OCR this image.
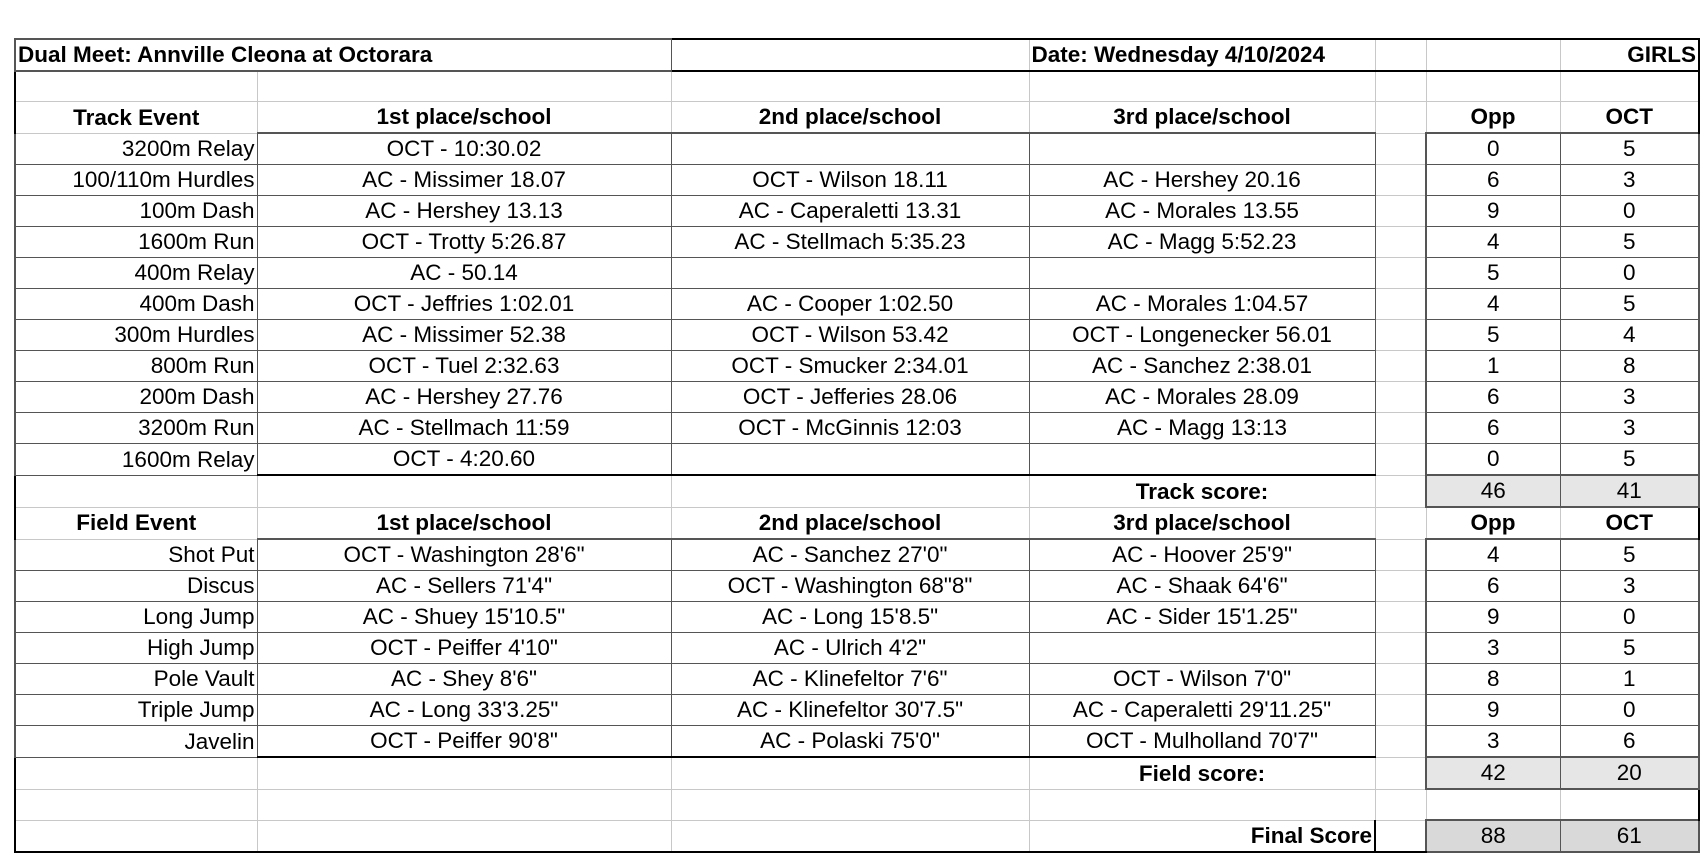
Dual Meet: Annville Cleona at Octorara			Date: Wednesday 4/10/2024			GIRLS

Track Event	1st place/school	2nd place/school	3rd place/school		Opp	OCT
3200m Relay	OCT - 10:30.02				0	5
100/110m Hurdles	AC - Missimer 18.07	OCT - Wilson 18.11	AC - Hershey 20.16		6	3
100m Dash	AC - Hershey 13.13	AC - Caperaletti 13.31	AC - Morales 13.55		9	0
1600m Run	OCT - Trotty 5:26.87	AC - Stellmach 5:35.23	AC - Magg 5:52.23		4	5
400m Relay	AC - 50.14				5	0
400m Dash	OCT - Jeffries 1:02.01	AC - Cooper 1:02.50	AC - Morales 1:04.57		4	5
300m Hurdles	AC - Missimer 52.38	OCT - Wilson 53.42	OCT - Longenecker 56.01		5	4
800m Run	OCT - Tuel 2:32.63	OCT - Smucker 2:34.01	AC - Sanchez 2:38.01		1	8
200m Dash	AC - Hershey 27.76	OCT - Jefferies 28.06	AC - Morales 28.09		6	3
3200m Run	AC - Stellmach 11:59	OCT - McGinnis 12:03	AC - Magg 13:13		6	3
1600m Relay	OCT - 4:20.60				0	5
			Track score:		46	41
Field Event	1st place/school	2nd place/school	3rd place/school		Opp	OCT
Shot Put	OCT - Washington 28'6"	AC - Sanchez 27'0"	AC - Hoover 25'9"		4	5
Discus	AC - Sellers 71'4"	OCT - Washington 68"8"	AC - Shaak 64'6"		6	3
Long Jump	AC - Shuey 15'10.5"	AC - Long 15'8.5"	AC - Sider 15'1.25"		9	0
High Jump	OCT - Peiffer 4'10"	AC - Ulrich 4'2"			3	5
Pole Vault	AC - Shey 8'6"	AC - Klinefeltor 7'6"	OCT - Wilson 7'0"		8	1
Triple Jump	AC - Long 33'3.25"	AC - Klinefeltor 30'7.5"	AC - Caperaletti 29'11.25"		9	0
Javelin	OCT - Peiffer 90'8"	AC - Polaski 75'0"	OCT - Mulholland 70'7"		3	6
			Field score:		42	20

			Final Score		88	61
